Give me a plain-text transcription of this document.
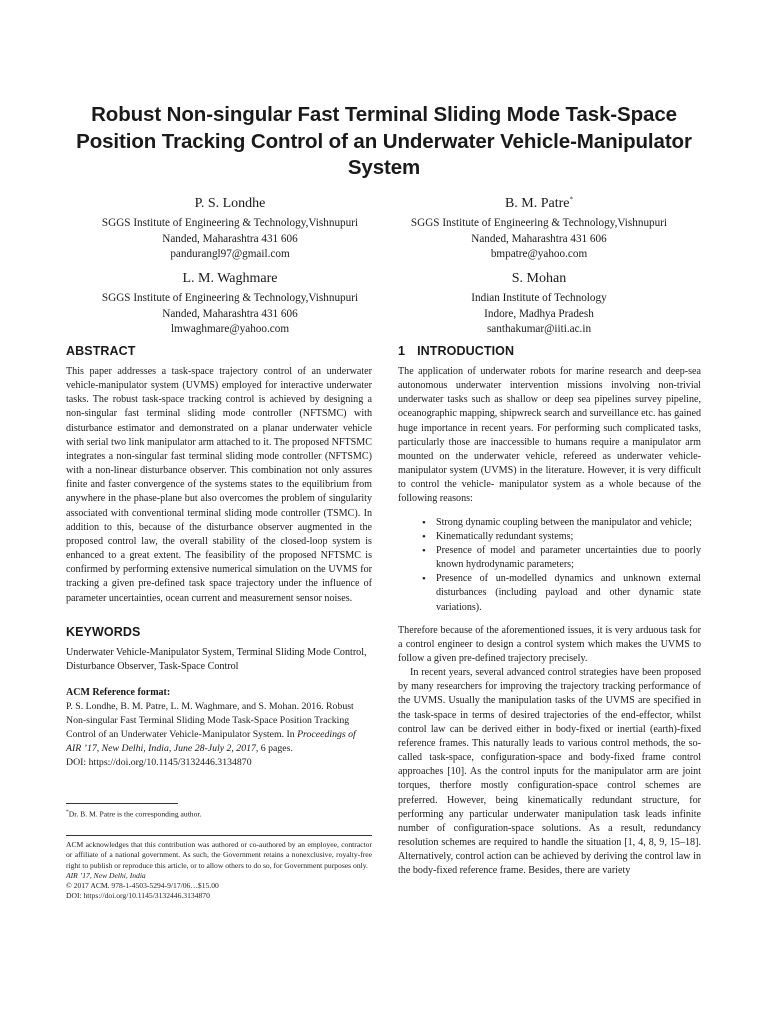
Robust Non-singular Fast Terminal Sliding Mode Task-Space Position Tracking Control of an Underwater Vehicle-Manipulator System
P. S. Londhe
SGGS Institute of Engineering & Technology,Vishnupuri
Nanded, Maharashtra 431 606
pandurangl97@gmail.com
B. M. Patre*
SGGS Institute of Engineering & Technology,Vishnupuri
Nanded, Maharashtra 431 606
bmpatre@yahoo.com
L. M. Waghmare
SGGS Institute of Engineering & Technology,Vishnupuri
Nanded, Maharashtra 431 606
lmwaghmare@yahoo.com
S. Mohan
Indian Institute of Technology
Indore, Madhya Pradesh
santhakumar@iiti.ac.in
ABSTRACT

This paper addresses a task-space trajectory control of an underwater vehicle-manipulator system (UVMS) employed for interactive underwater tasks. The robust task-space tracking control is achieved by designing a non-singular fast terminal sliding mode controller (NFTSMC) with disturbance estimator and demonstrated on a planar underwater vehicle with serial two link manipulator arm attached to it. The proposed NFTSMC integrates a non-singular fast terminal sliding mode controller (NFTSMC) with a non-linear disturbance observer. This combination not only assures finite and faster convergence of the systems states to the equilibrium from anywhere in the phase-plane but also overcomes the problem of singularity associated with conventional terminal sliding mode controller (TSMC). In addition to this, because of the disturbance observer augmented in the proposed control law, the overall stability of the closed-loop system is enhanced to a great extent. The feasibility of the proposed NFTSMC is confirmed by performing extensive numerical simulation on the UVMS for tracking a given pre-defined task space trajectory under the influence of parameter uncertainties, ocean current and measurement sensor noises.

KEYWORDS

Underwater Vehicle-Manipulator System, Terminal Sliding Mode Control, Disturbance Observer, Task-Space Control

ACM Reference format:

P. S. Londhe, B. M. Patre, L. M. Waghmare, and S. Mohan. 2016. Robust Non-singular Fast Terminal Sliding Mode Task-Space Position Tracking Control of an Underwater Vehicle-Manipulator System. In Proceedings of AIR ’17, New Delhi, India, June 28-July 2, 2017, 6 pages.

DOI: https://doi.org/10.1145/3132446.3134870

*Dr. B. M. Patre is the corresponding author.

ACM acknowledges that this contribution was authored or co-authored by an employee, contractor or affiliate of a national government. As such, the Government retains a nonexclusive, royalty-free right to publish or reproduce this article, or to allow others to do so, for Government purposes only.

AIR ’17, New Delhi, India
© 2017 ACM. 978-1-4503-5294-9/17/06…$15.00
DOI: https://doi.org/10.1145/3132446.3134870
1 INTRODUCTION

The application of underwater robots for marine research and deep-sea autonomous underwater intervention missions involving non-trivial underwater tasks such as shallow or deep sea pipelines survey pipeline, oceanographic mapping, shipwreck search and surveillance etc. has gained huge importance in recent years. For performing such complicated tasks, particularly those are inaccessible to humans require a manipulator arm mounted on the underwater vehicle, refereed as underwater vehicle-manipulator system (UVMS) in the literature. However, it is very difficult to control the vehicle- manipulator system as a whole because of the following reasons:

• Strong dynamic coupling between the manipulator and vehicle;
• Kinematically redundant systems;
• Presence of model and parameter uncertainties due to poorly known hydrodynamic parameters;
• Presence of un-modelled dynamics and unknown external disturbances (including payload and other dynamic state variations).

Therefore because of the aforementioned issues, it is very arduous task for a control engineer to design a control system which makes the UVMS to follow a given pre-defined trajectory precisely.

In recent years, several advanced control strategies have been proposed by many researchers for improving the trajectory tracking performance of the UVMS. Usually the manipulation tasks of the UVMS are specified in the task-space in terms of desired trajectories of the end-effector, whilst control law can be derived either in body-fixed or inertial (earth)-fixed reference frames. This naturally leads to various control methods, the so-called task-space, configuration-space and body-fixed frame control approaches [10]. As the control inputs for the manipulator arm are joint torques, therfore mostly configuration-space control schemes are preferred. However, being kinematically redundant structure, for performing any particular underwater manipulation task leads infinite number of configuration-space solutions. As a result, redundancy resolution schemes are required to handle the situation [1, 4, 8, 9, 15–18]. Alternatively, control action can be achieved by deriving the control law in the body-fixed reference frame. Besides, there are variety
